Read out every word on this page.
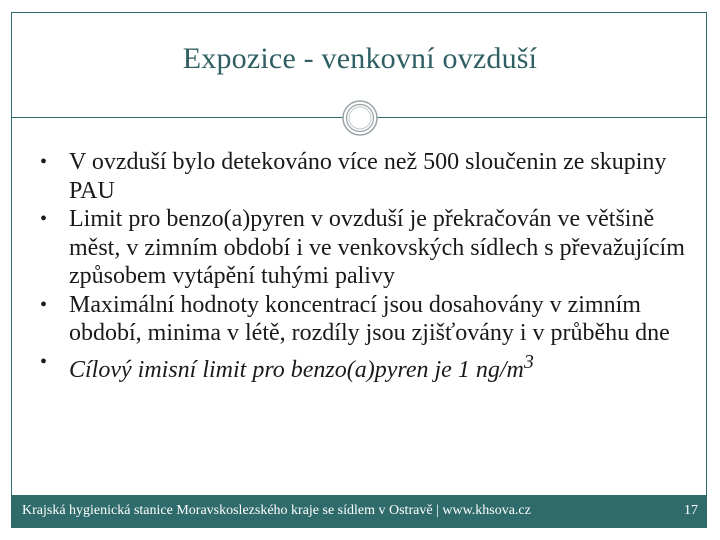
Expozice - venkovní ovzduší
• V ovzduší bylo detekováno více než 500 sloučenin ze skupiny PAU
• Limit pro benzo(a)pyren v ovzduší je překračován ve většině měst, v zimním období i ve venkovských sídlech s převažujícím způsobem vytápění tuhými palivy
• Maximální hodnoty koncentrací jsou dosahovány v zimním období, minima v létě, rozdíly jsou zjišťovány i v průběhu dne
• Cílový imisní limit pro benzo(a)pyren je 1 $ng/m^3$
Krajská hygienická stanice Moravskoslezského kraje se sídlem v Ostravě | www.khsova.cz	17
